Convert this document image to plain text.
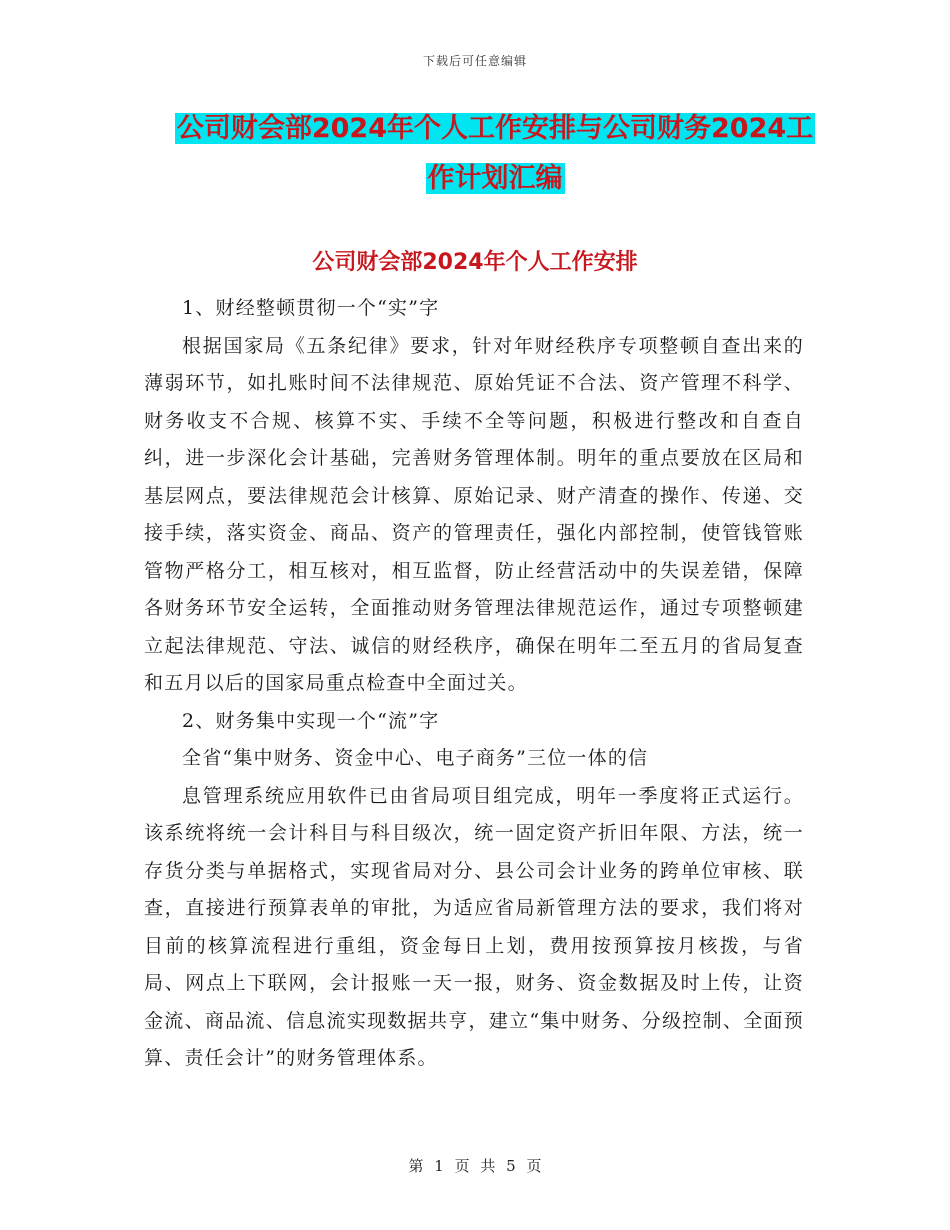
下载后可任意编辑
公司财会部2024年个人工作安排与公司财务2024工
作计划汇编
公司财会部2024年个人工作安排

1、财经整顿贯彻一个“实”字

根据国家局《五条纪律》要求，针对年财经秩序专项整顿自查出来的薄弱环节，如扎账时间不法律规范、原始凭证不合法、资产管理不科学、财务收支不合规、核算不实、手续不全等问题，积极进行整改和自查自纠，进一步深化会计基础，完善财务管理体制。明年的重点要放在区局和基层网点，要法律规范会计核算、原始记录、财产清查的操作、传递、交接手续，落实资金、商品、资产的管理责任，强化内部控制，使管钱管账管物严格分工，相互核对，相互监督，防止经营活动中的失误差错，保障各财务环节安全运转，全面推动财务管理法律规范运作，通过专项整顿建立起法律规范、守法、诚信的财经秩序，确保在明年二至五月的省局复查和五月以后的国家局重点检查中全面过关。

2、财务集中实现一个“流”字

全省“集中财务、资金中心、电子商务”三位一体的信

息管理系统应用软件已由省局项目组完成，明年一季度将正式运行。该系统将统一会计科目与科目级次，统一固定资产折旧年限、方法，统一存货分类与单据格式，实现省局对分、县公司会计业务的跨单位审核、联查，直接进行预算表单的审批，为适应省局新管理方法的要求，我们将对目前的核算流程进行重组，资金每日上划，费用按预算按月核拨，与省局、网点上下联网，会计报账一天一报，财务、资金数据及时上传，让资金流、商品流、信息流实现数据共亨，建立“集中财务、分级控制、全面预算、责任会计”的财务管理体系。

第 1 页 共 5 页
